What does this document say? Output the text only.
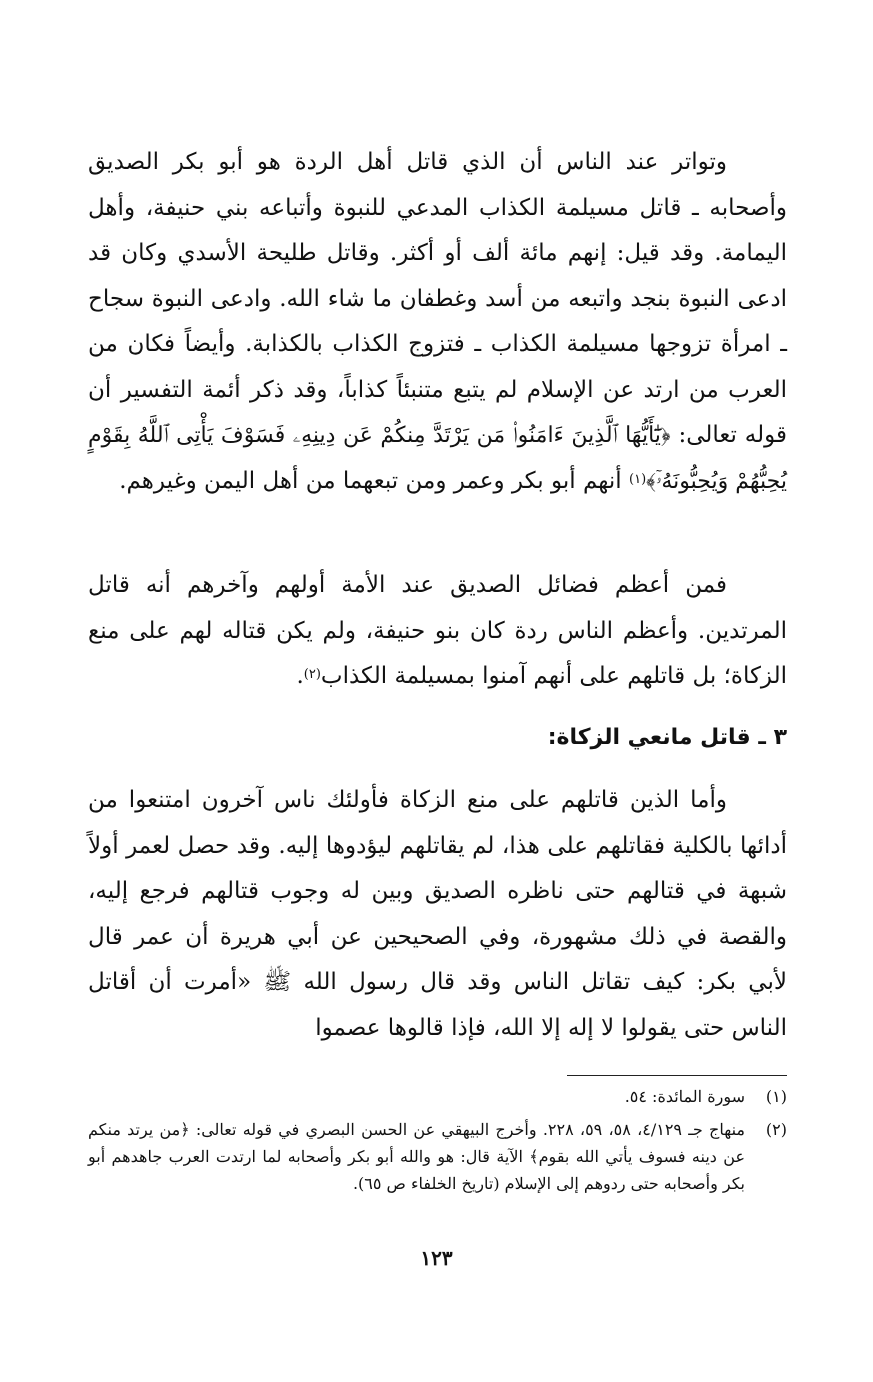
وتواتر عند الناس أن الذي قاتل أهل الردة هو أبو بكر الصديق وأصحابه ـ قاتل مسيلمة الكذاب المدعي للنبوة وأتباعه بني حنيفة، وأهل اليمامة. وقد قيل: إنهم مائة ألف أو أكثر. وقاتل طليحة الأسدي وكان قد ادعى النبوة بنجد واتبعه من أسد وغطفان ما شاء الله. وادعى النبوة سجاح ـ امرأة تزوجها مسيلمة الكذاب ـ فتزوج الكذاب بالكذابة. وأيضاً فكان من العرب من ارتد عن الإسلام لم يتبع متنبئاً كذاباً، وقد ذكر أئمة التفسير أن قوله تعالى: ﴿يَٰٓأَيُّهَا ٱلَّذِينَ ءَامَنُوا۟ مَن يَرْتَدَّ مِنكُمْ عَن دِينِهِۦ فَسَوْفَ يَأْتِى ٱللَّهُ بِقَوْمٍ يُحِبُّهُمْ وَيُحِبُّونَهُۥٓ﴾$^{(١)}$ أنهم أبو بكر وعمر ومن تبعهما من أهل اليمن وغيرهم.

فمن أعظم فضائل الصديق عند الأمة أولهم وآخرهم أنه قاتل المرتدين. وأعظم الناس ردة كان بنو حنيفة، ولم يكن قتاله لهم على منع الزكاة؛ بل قاتلهم على أنهم آمنوا بمسيلمة الكذاب$^{(٢)}$.

٣ ـ قاتل مانعي الزكاة:

وأما الذين قاتلهم على منع الزكاة فأولئك ناس آخرون امتنعوا من أدائها بالكلية فقاتلهم على هذا، لم يقاتلهم ليؤدوها إليه. وقد حصل لعمر أولاً شبهة في قتالهم حتى ناظره الصديق وبين له وجوب قتالهم فرجع إليه، والقصة في ذلك مشهورة، وفي الصحيحين عن أبي هريرة أن عمر قال لأبي بكر: كيف تقاتل الناس وقد قال رسول الله ﷺ «أمرت أن أقاتل الناس حتى يقولوا لا إله إلا الله، فإذا قالوها عصموا

(١)
سورة المائدة: ٥٤.
(٢)
منهاج جـ ٤/١٢٩، ٥٨، ٥٩، ٢٢٨. وأخرج البيهقي عن الحسن البصري في قوله تعالى: ﴿من يرتد منكم عن دينه فسوف يأتي الله بقوم﴾ الآية قال: هو والله أبو بكر وأصحابه لما ارتدت العرب جاهدهم أبو بكر وأصحابه حتى ردوهم إلى الإسلام (تاريخ الخلفاء ص ٦٥).
١٢٣
